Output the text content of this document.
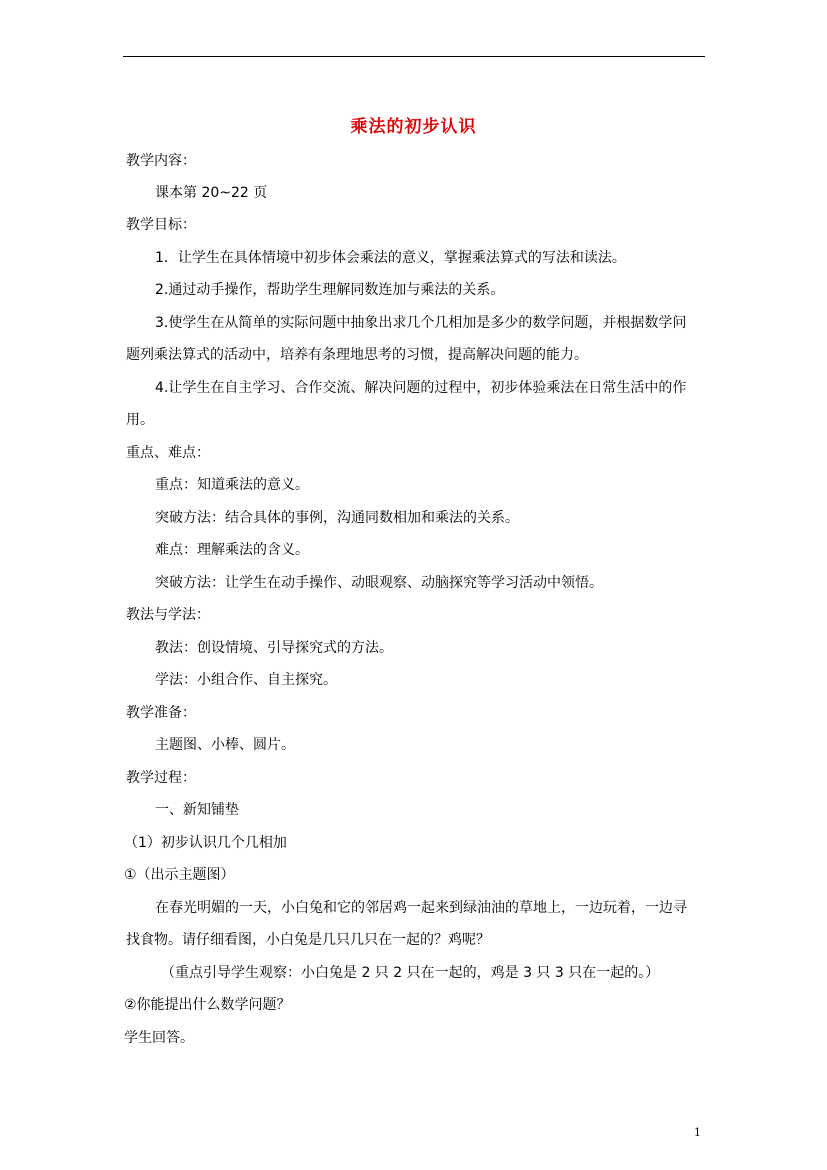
乘法的初步认识
教学内容：
课本第 20~22 页
教学目标：
1．让学生在具体情境中初步体会乘法的意义，掌握乘法算式的写法和读法。
2.通过动手操作，帮助学生理解同数连加与乘法的关系。
3.使学生在从简单的实际问题中抽象出求几个几相加是多少的数学问题，并根据数学问
题列乘法算式的活动中，培养有条理地思考的习惯，提高解决问题的能力。
4.让学生在自主学习、合作交流、解决问题的过程中，初步体验乘法在日常生活中的作
用。
重点、难点：
重点：知道乘法的意义。
突破方法：结合具体的事例，沟通同数相加和乘法的关系。
难点：理解乘法的含义。
突破方法：让学生在动手操作、动眼观察、动脑探究等学习活动中领悟。
教法与学法：
教法：创设情境、引导探究式的方法。
学法：小组合作、自主探究。
教学准备：
主题图、小棒、圆片。
教学过程：
一、新知铺垫
（1）初步认识几个几相加
①（出示主题图）
在春光明媚的一天，小白兔和它的邻居鸡一起来到绿油油的草地上，一边玩着，一边寻
找食物。请仔细看图，小白兔是几只几只在一起的？鸡呢？
（重点引导学生观察：小白兔是 2 只 2 只在一起的，鸡是 3 只 3 只在一起的。）
②你能提出什么数学问题？
学生回答。
1
